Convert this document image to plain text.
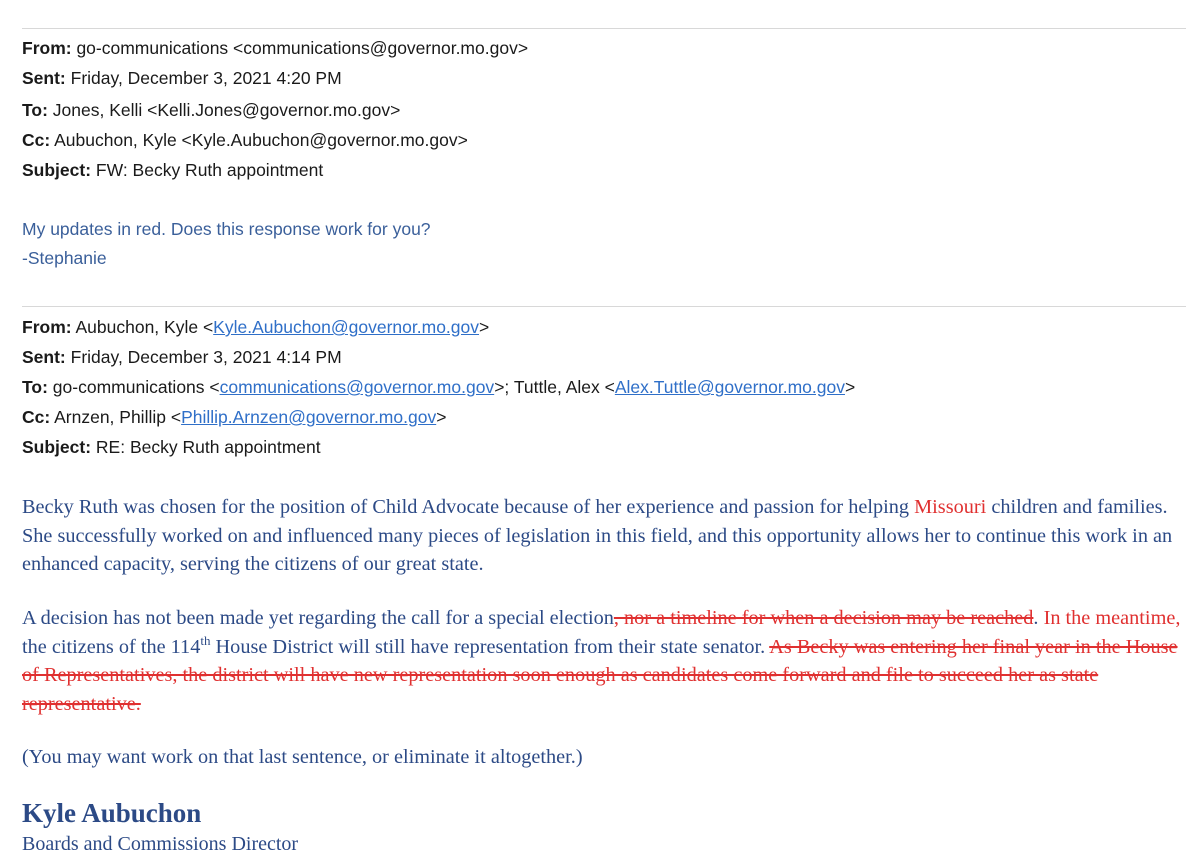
From: go-communications <communications@governor.mo.gov>
Sent: Friday, December 3, 2021 4:20 PM
To: Jones, Kelli <Kelli.Jones@governor.mo.gov>
Cc: Aubuchon, Kyle <Kyle.Aubuchon@governor.mo.gov>
Subject: FW: Becky Ruth appointment
My updates in red. Does this response work for you?
-Stephanie
From: Aubuchon, Kyle <Kyle.Aubuchon@governor.mo.gov>
Sent: Friday, December 3, 2021 4:14 PM
To: go-communications <communications@governor.mo.gov>; Tuttle, Alex <Alex.Tuttle@governor.mo.gov>
Cc: Arnzen, Phillip <Phillip.Arnzen@governor.mo.gov>
Subject: RE: Becky Ruth appointment
Becky Ruth was chosen for the position of Child Advocate because of her experience and passion for helping Missouri children and families. She successfully worked on and influenced many pieces of legislation in this field, and this opportunity allows her to continue this work in an enhanced capacity, serving the citizens of our great state.
A decision has not been made yet regarding the call for a special election, nor a timeline for when a decision may be reached. In the meantime, the citizens of the 114th House District will still have representation from their state senator. As Becky was entering her final year in the House of Representatives, the district will have new representation soon enough as candidates come forward and file to succeed her as state representative.
(You may want work on that last sentence, or eliminate it altogether.)
Kyle Aubuchon
Boards and Commissions Director
